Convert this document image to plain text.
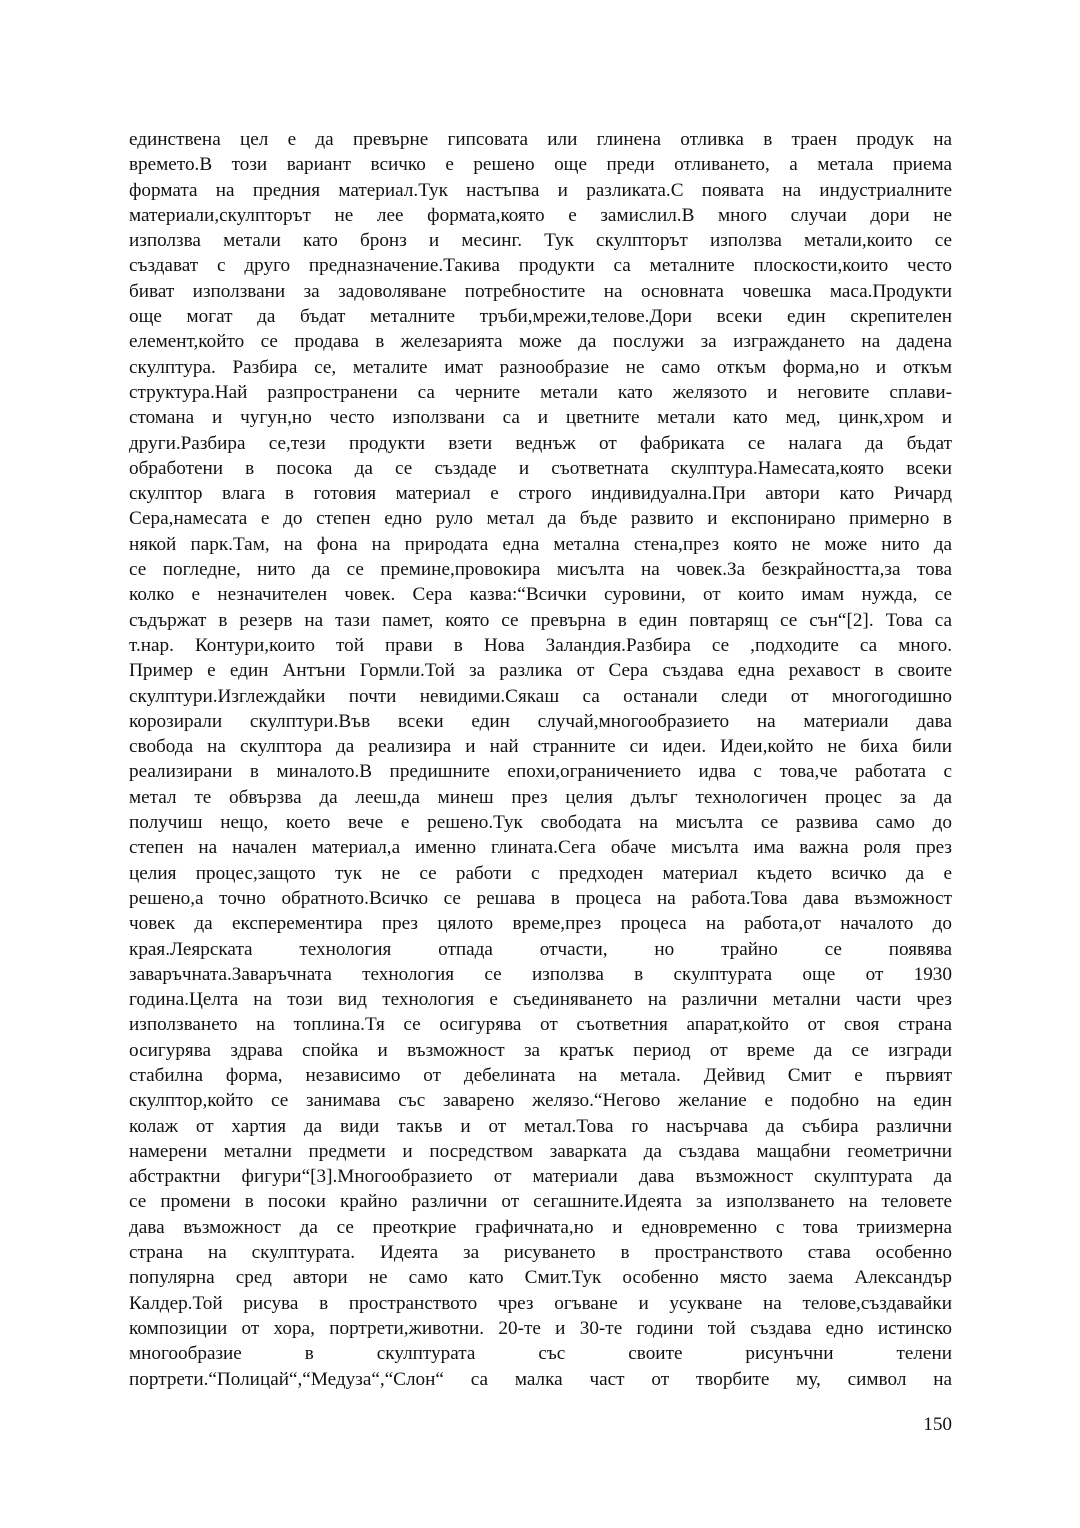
единствена цел е да превърне гипсовата или глинена отливка в траен продук на
времето.В този вариант всичко е решено още преди отливането, а метала приема
формата на предния материал.Тук настъпва и разликата.С появата на индустриалните
материали,скулпторът не лее формата,която е замислил.В много случаи дори не
използва метали като бронз и месинг. Тук скулпторът използва метали,които се
създават с друго предназначение.Такива продукти са металните плоскости,които често
биват използвани за задоволяване потребностите на основната човешка маса.Продукти
още могат да бъдат металните тръби,мрежи,телове.Дори всеки един скрепителен
елемент,който се продава в железарията може да послужи за изграждането на дадена
скулптура. Разбира се, металите имат разнообразие не само откъм форма,но и откъм
структура.Най разпространени са черните метали като желязото и неговите сплави-
стомана и чугун,но често използвани са и цветните метали като мед, цинк,хром и
други.Разбира се,тези продукти взети веднъж от фабриката се налага да бъдат
обработени в посока да се създаде и съответната скулптура.Намесата,която всеки
скулптор влага в готовия материал е строго индивидуална.При автори като Ричард
Сера,намесата е до степен едно руло метал да бъде развито и експонирано примерно в
някой парк.Там, на фона на природата една метална стена,през която не може нито да
се погледне, нито да се премине,провокира мисълта на човек.За безкрайността,за това
колко е незначителен човек. Сера казва:“Всички суровини, от които имам нужда, се
съдържат в резерв на тази памет, която се превърна в един повтарящ се сън“[2]. Това са
т.нар. Контури,които той прави в Нова Заландия.Разбира се ,подходите са много.
Пример е един Антъни Гормли.Той за разлика от Сера създава една рехавост в своите
скулптури.Изглеждайки почти невидими.Сякаш са останали следи от многогодишно
корозирали скулптури.Във всеки един случай,многообразието на материали дава
свобода на скулптора да реализира и най странните си идеи. Идеи,който не биха били
реализирани в миналото.В предишните епохи,ограничението идва с това,че работата с
метал те обвързва да лееш,да минеш през целия дълъг технологичен процес за да
получиш нещо, което вече е решено.Тук свободата на мисълта се развива само до
степен на начален материал,а именно глината.Сега обаче мисълта има важна роля през
целия процес,защото тук не се работи с предходен материал където всичко да е
решено,а точно обратното.Всичко се решава в процеса на работа.Това дава възможност
човек да експерементира през цялото време,през процеса на работа,от началото до
края.Леярската технология отпада отчасти, но трайно се появява
заваръчната.Заваръчната технология се използва в скулптурата още от 1930
година.Целта на този вид технология е съединяването на различни метални части чрез
използването на топлина.Тя се осигурява от съответния апарат,който от своя страна
осигурява здрава спойка и възможност за кратък период от време да се изгради
стабилна форма, независимо от дебелината на метала. Дейвид Смит е първият
скулптор,който се занимава със заварено желязо.“Негово желание е подобно на един
колаж от хартия да види такъв и от метал.Това го насърчава да събира различни
намерени метални предмети и посредством заварката да създава мащабни геометрични
абстрактни фигури“[3].Многообразието от материали дава възможност скулптурата да
се промени в посоки крайно различни от сегашните.Идеята за използването на теловете
дава възможност да се преоткрие графичната,но и едновременно с това триизмерна
страна на скулптурата. Идеята за рисуването в пространството става особенно
популярна сред автори не само като Смит.Тук особенно място заема Александър
Калдер.Той рисува в пространството чрез огъване и усукване на телове,създавайки
композиции от хора, портрети,животни. 20-те и 30-те години той създава едно истинско
многообразие в скулптурата със своите рисунъчни телени
портрети.“Полицай“,“Медуза“,“Слон“ са малка част от творбите му, символ на
150
